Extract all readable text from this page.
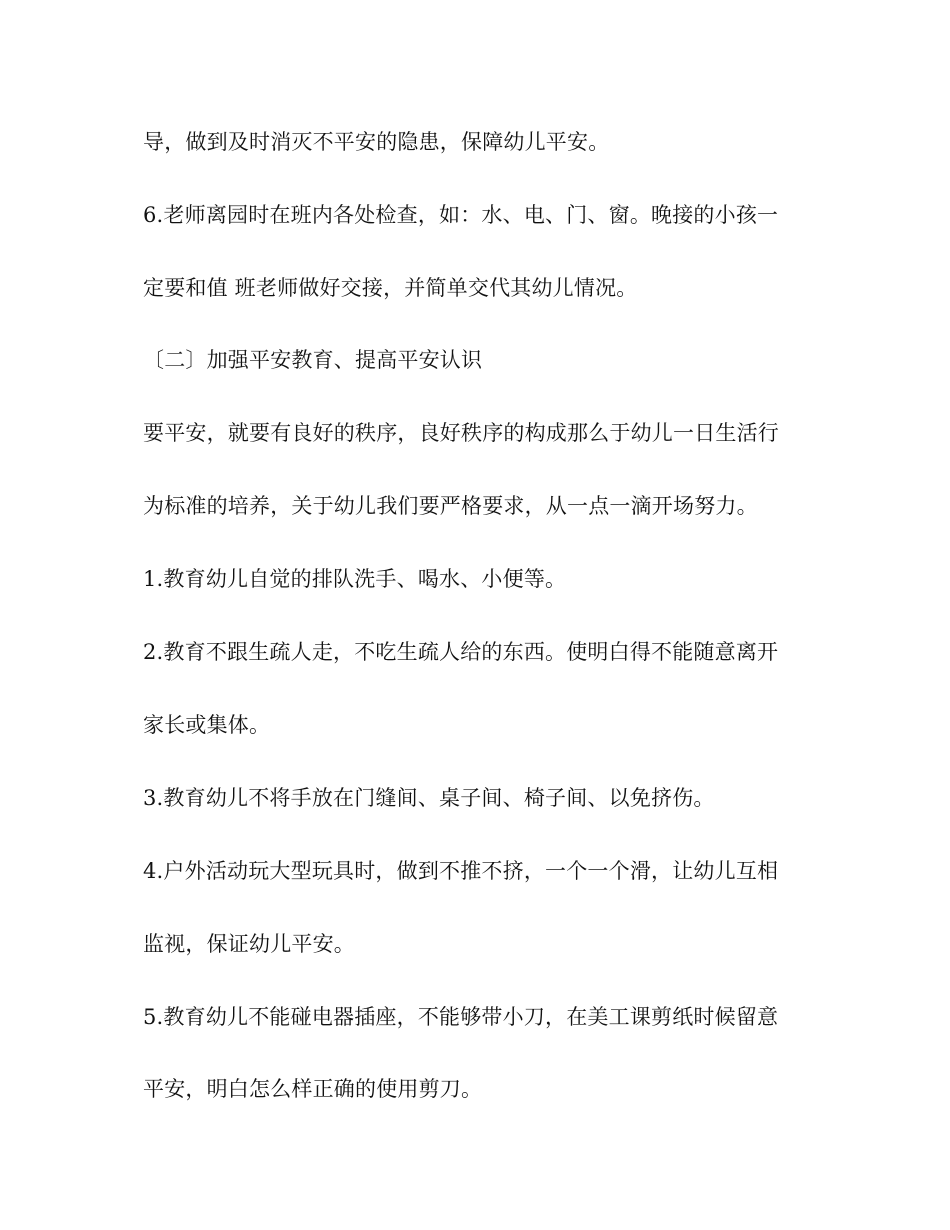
导，做到及时消灭不平安的隐患，保障幼儿平安。
6.老师离园时在班内各处检查，如：水、电、门、窗。晚接的小孩一
定要和值 班老师做好交接，并简单交代其幼儿情况。
〔二〕加强平安教育、提高平安认识
要平安，就要有良好的秩序，良好秩序的构成那么于幼儿一日生活行
为标准的培养，关于幼儿我们要严格要求，从一点一滴开场努力。
1.教育幼儿自觉的排队洗手、喝水、小便等。
2.教育不跟生疏人走，不吃生疏人给的东西。使明白得不能随意离开
家长或集体。
3.教育幼儿不将手放在门缝间、桌子间、椅子间、以免挤伤。
4.户外活动玩大型玩具时，做到不推不挤，一个一个滑，让幼儿互相
监视，保证幼儿平安。
5.教育幼儿不能碰电器插座，不能够带小刀，在美工课剪纸时候留意
平安，明白怎么样正确的使用剪刀。
